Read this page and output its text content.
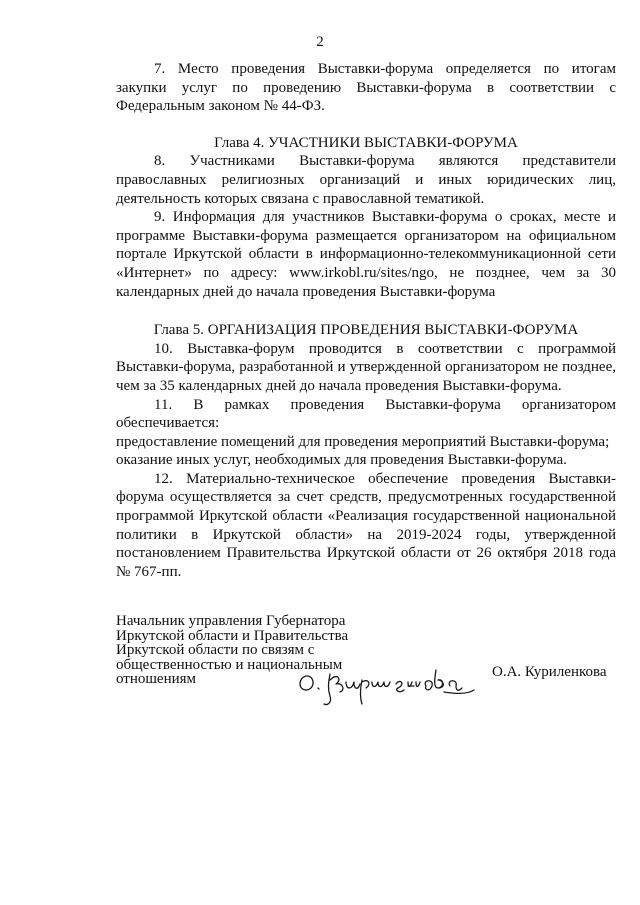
2

7. Место проведения Выставки-форума определяется по итогам закупки услуг по проведению Выставки-форума в соответствии с Федеральным законом № 44-ФЗ.

Глава 4. УЧАСТНИКИ ВЫСТАВКИ-ФОРУМА

8. Участниками Выставки-форума являются представители православных религиозных организаций и иных юридических лиц, деятельность которых связана с православной тематикой.

9. Информация для участников Выставки-форума о сроках, месте и программе Выставки-форума размещается организатором на официальном портале Иркутской области в информационно-телекоммуникационной сети «Интернет» по адресу: www.irkobl.ru/sites/ngo, не позднее, чем за 30 календарных дней до начала проведения Выставки-форума

Глава 5. ОРГАНИЗАЦИЯ ПРОВЕДЕНИЯ ВЫСТАВКИ-ФОРУМА

10. Выставка-форум проводится в соответствии с программой Выставки-форума, разработанной и утвержденной организатором не позднее, чем за 35 календарных дней до начала проведения Выставки-форума.

11. В рамках проведения Выставки-форума организатором обеспечивается:

предоставление помещений для проведения мероприятий Выставки-форума;

оказание иных услуг, необходимых для проведения Выставки-форума.

12. Материально-техническое обеспечение проведения Выставки-форума осуществляется за счет средств, предусмотренных государственной программой Иркутской области «Реализация государственной национальной политики в Иркутской области» на 2019-2024 годы, утвержденной постановлением Правительства Иркутской области от 26 октября 2018 года № 767-пп.

Начальник управления Губернатора
Иркутской области и Правительства
Иркутской области по связям с
общественностью и национальным
отношениям	О.А. Куриленкова
